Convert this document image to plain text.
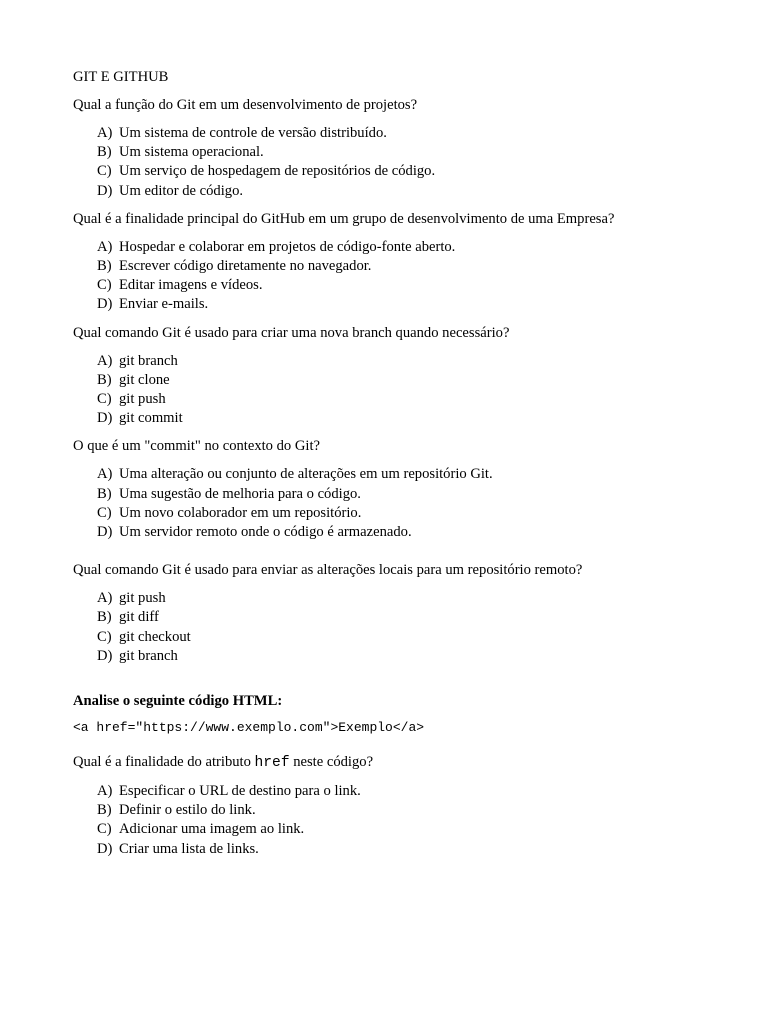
GIT E GITHUB
Qual a função do Git em um desenvolvimento de projetos?
A) Um sistema de controle de versão distribuído.
B) Um sistema operacional.
C) Um serviço de hospedagem de repositórios de código.
D) Um editor de código.
Qual é a finalidade principal do GitHub em um grupo de desenvolvimento de uma Empresa?
A) Hospedar e colaborar em projetos de código-fonte aberto.
B) Escrever código diretamente no navegador.
C) Editar imagens e vídeos.
D) Enviar e-mails.
Qual comando Git é usado para criar uma nova branch quando necessário?
A) git branch
B) git clone
C) git push
D) git commit
O que é um "commit" no contexto do Git?
A) Uma alteração ou conjunto de alterações em um repositório Git.
B) Uma sugestão de melhoria para o código.
C) Um novo colaborador em um repositório.
D) Um servidor remoto onde o código é armazenado.
Qual comando Git é usado para enviar as alterações locais para um repositório remoto?
A) git push
B) git diff
C) git checkout
D) git branch
Analise o seguinte código HTML:
<a href="https://www.exemplo.com">Exemplo</a>
Qual é a finalidade do atributo href neste código?
A) Especificar o URL de destino para o link.
B) Definir o estilo do link.
C) Adicionar uma imagem ao link.
D) Criar uma lista de links.
